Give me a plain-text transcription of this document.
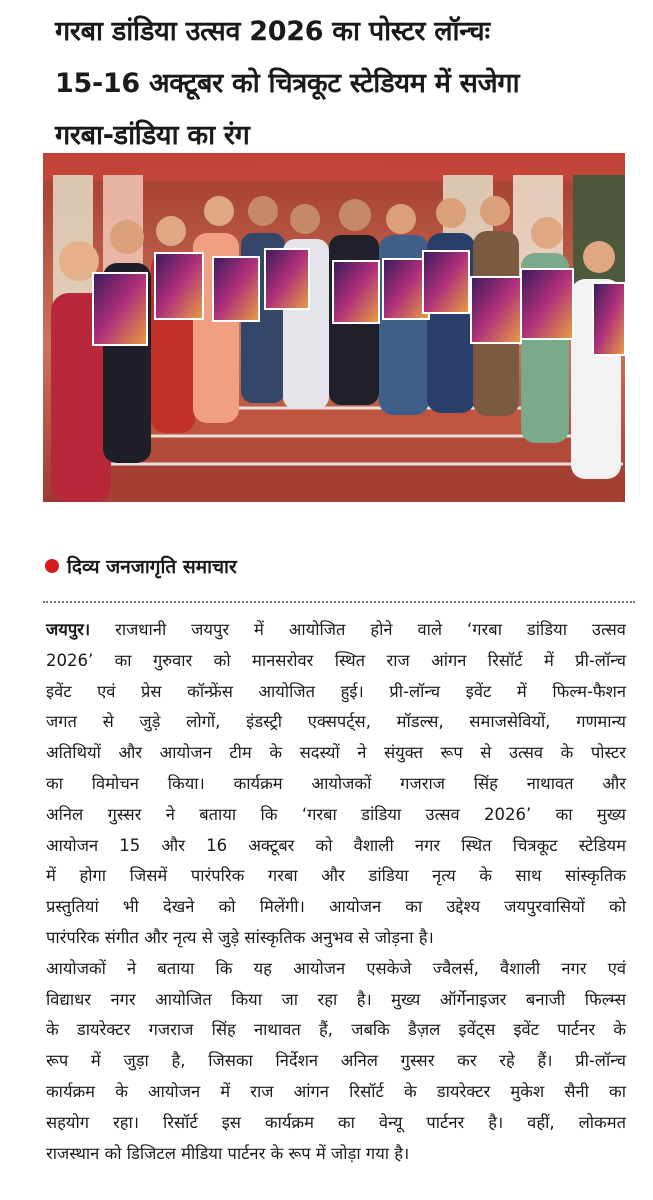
गरबा डांडिया उत्सव 2026 का पोस्टर लॉन्चः
15-16 अक्टूबर को चित्रकूट स्टेडियम में सजेगा
गरबा-डांडिया का रंग
दिव्य जनजागृति समाचार
जयपुर। राजधानी जयपुर में आयोजित होने वाले ‘गरबा डांडिया उत्सव
2026’ का गुरुवार को मानसरोवर स्थित राज आंगन रिसॉर्ट में प्री-लॉन्च
इवेंट एवं प्रेस कॉन्फ्रेंस आयोजित हुई। प्री-लॉन्च इवेंट में फिल्म-फैशन
जगत से जुड़े लोगों, इंडस्ट्री एक्सपर्ट्स, मॉडल्स, समाजसेवियों, गणमान्य
अतिथियों और आयोजन टीम के सदस्यों ने संयुक्त रूप से उत्सव के पोस्टर
का विमोचन किया। कार्यक्रम आयोजकों गजराज सिंह नाथावत और
अनिल गुस्सर ने बताया कि ‘गरबा डांडिया उत्सव 2026’ का मुख्य
आयोजन 15 और 16 अक्टूबर को वैशाली नगर स्थित चित्रकूट स्टेडियम
में होगा जिसमें पारंपरिक गरबा और डांडिया नृत्य के साथ सांस्कृतिक
प्रस्तुतियां भी देखने को मिलेंगी। आयोजन का उद्देश्य जयपुरवासियों को
पारंपरिक संगीत और नृत्य से जुड़े सांस्कृतिक अनुभव से जोड़ना है।
आयोजकों ने बताया कि यह आयोजन एसकेजे ज्वैलर्स, वैशाली नगर एवं
विद्याधर नगर आयोजित किया जा रहा है। मुख्य ऑर्गेनाइजर बनाजी फिल्म्स
के डायरेक्टर गजराज सिंह नाथावत हैं, जबकि डैज़ल इवेंट्स इवेंट पार्टनर के
रूप में जुड़ा है, जिसका निर्देशन अनिल गुस्सर कर रहे हैं। प्री-लॉन्च
कार्यक्रम के आयोजन में राज आंगन रिसॉर्ट के डायरेक्टर मुकेश सैनी का
सहयोग रहा। रिसॉर्ट इस कार्यक्रम का वेन्यू पार्टनर है। वहीं, लोकमत
राजस्थान को डिजिटल मीडिया पार्टनर के रूप में जोड़ा गया है।
